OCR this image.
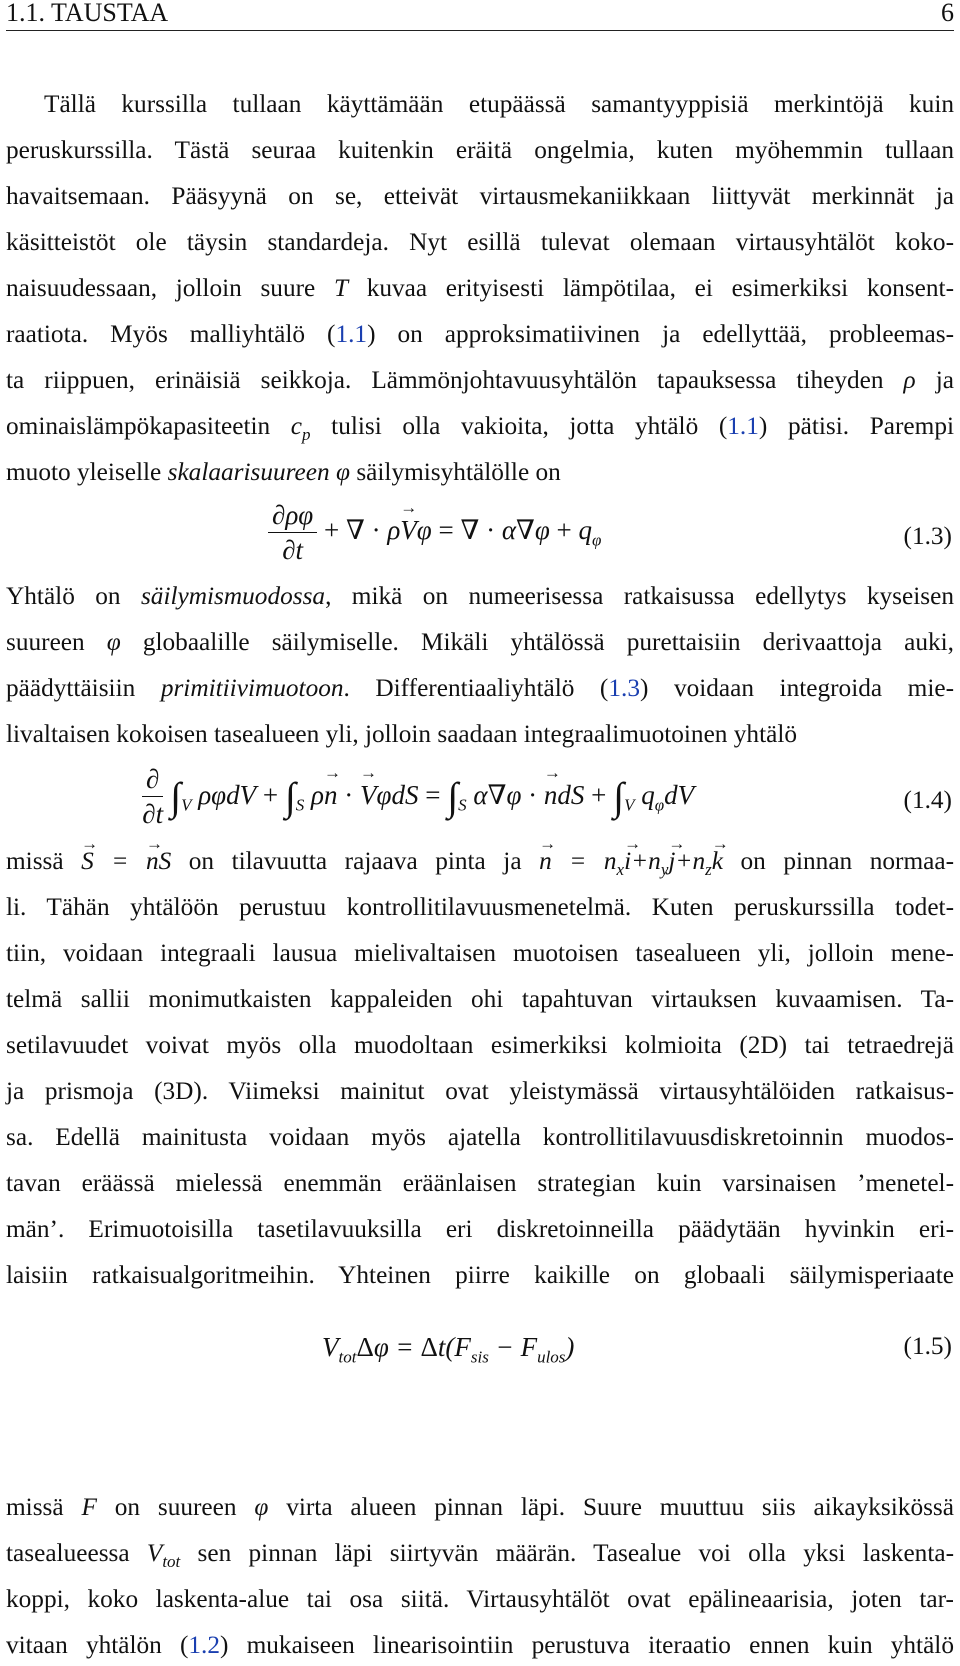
1.1. TAUSTAA	6
Tällä kurssilla tullaan käyttämään etupäässä samantyyppisiä merkintöjä kuin
peruskurssilla. Tästä seuraa kuitenkin eräitä ongelmia, kuten myöhemmin tullaan
havaitsemaan. Pääsyynä on se, etteivät virtausmekaniikkaan liittyvät merkinnät ja
käsitteistöt ole täysin standardeja. Nyt esillä tulevat olemaan virtausyhtälöt koko-
naisuudessaan, jolloin suure T kuvaa erityisesti lämpötilaa, ei esimerkiksi konsent-
raatiota. Myös malliyhtälö (1.1) on approksimatiivinen ja edellyttää, probleemas-
ta riippuen, erinäisiä seikkoja. Lämmönjohtavuusyhtälön tapauksessa tiheyden ρ ja
ominaislämpökapasiteetin $c_p$ tulisi olla vakioita, jotta yhtälö (1.1) pätisi. Parempi
muoto yleiselle skalaarisuureen φ säilymisyhtälölle on
$\frac{\partial\rho\varphi}{\partial t}$ + ∇ · ρ→ Vφ = ∇ · $\alpha\nabla\varphi + q_\varphi$	(1.3)
Yhtälö on säilymismuodossa, mikä on numeerisessa ratkaisussa edellytys kyseisen
suureen φ globaalille säilymiselle. Mikäli yhtälössä purettaisiin derivaattoja auki,
päädyttäisiin primitiivimuotoon. Differentiaaliyhtälö (1.3) voidaan integroida mie-
livaltaisen kokoisen tasealueen yli, jolloin saadaan integraalimuotoinen yhtälö
$\frac{\partial}{\partial t} \int_V$ $\rho\varphi dV + \int_S$ ρ→ n · → $V\varphi dS = \int_S$ α∇φ · → ndS + $\int_V$ $q_\varphi dV$	(1.4)
missä → S = → nS on tilavuutta rajaava pinta ja → $n = n_x\to i+n_y\to j+n_z\to k$ on pinnan normaa-
li. Tähän yhtälöön perustuu kontrollitilavuusmenetelmä. Kuten peruskurssilla todet-
tiin, voidaan integraali lausua mielivaltaisen muotoisen tasealueen yli, jolloin mene-
telmä sallii monimutkaisten kappaleiden ohi tapahtuvan virtauksen kuvaamisen. Ta-
setilavuudet voivat myös olla muodoltaan esimerkiksi kolmioita (2D) tai tetraedrejä
ja prismoja (3D). Viimeksi mainitut ovat yleistymässä virtausyhtälöiden ratkaisus-
sa. Edellä mainitusta voidaan myös ajatella kontrollitilavuusdiskretoinnin muodos-
tavan eräässä mielessä enemmän eräänlaisen strategian kuin varsinaisen ’menetel-
män’. Erimuotoisilla tasetilavuuksilla eri diskretoinneilla päädytään hyvinkin eri-
laisiin ratkaisualgoritmeihin. Yhteinen piirre kaikille on globaali säilymisperiaate
$V_{tot}\Delta\varphi = \Delta t(F_{sis} - F_{ulos})$	(1.5)
missä F on suureen φ virta alueen pinnan läpi. Suure muuttuu siis aikayksikössä
tasealueessa $V_{tot}$ sen pinnan läpi siirtyvän määrän. Tasealue voi olla yksi laskenta-
koppi, koko laskenta-alue tai osa siitä. Virtausyhtälöt ovat epälineaarisia, joten tar-
vitaan yhtälön (1.2) mukaiseen linearisointiin perustuva iteraatio ennen kuin yhtälö
